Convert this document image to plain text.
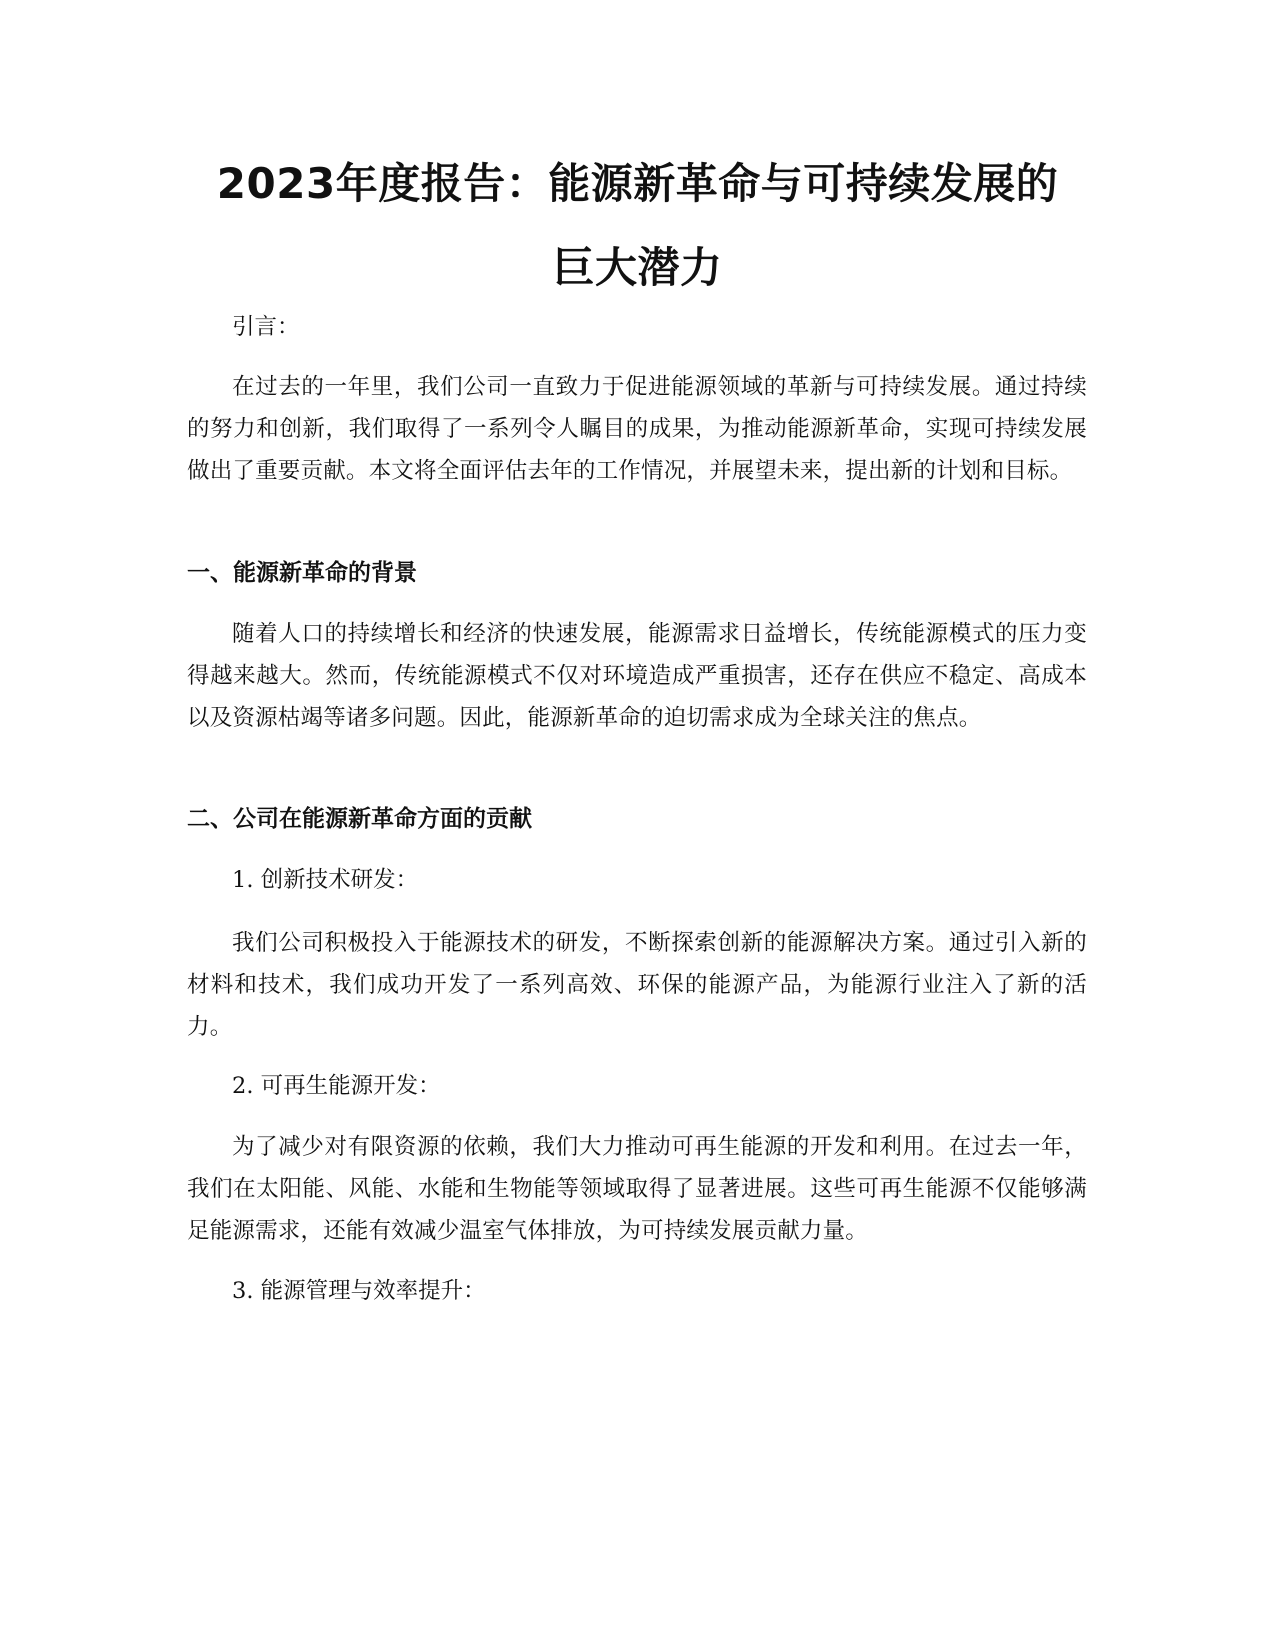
2023年度报告：能源新革命与可持续发展的
巨大潜力

引言：

在过去的一年里，我们公司一直致力于促进能源领域的革新与可持续发展。通过持续的努力和创新，我们取得了一系列令人瞩目的成果，为推动能源新革命，实现可持续发展做出了重要贡献。本文将全面评估去年的工作情况，并展望未来，提出新的计划和目标。

一、能源新革命的背景

随着人口的持续增长和经济的快速发展，能源需求日益增长，传统能源模式的压力变得越来越大。然而，传统能源模式不仅对环境造成严重损害，还存在供应不稳定、高成本以及资源枯竭等诸多问题。因此，能源新革命的迫切需求成为全球关注的焦点。

二、公司在能源新革命方面的贡献

1. 创新技术研发：

我们公司积极投入于能源技术的研发，不断探索创新的能源解决方案。通过引入新的材料和技术，我们成功开发了一系列高效、环保的能源产品，为能源行业注入了新的活力。

2. 可再生能源开发：

为了减少对有限资源的依赖，我们大力推动可再生能源的开发和利用。在过去一年，我们在太阳能、风能、水能和生物能等领域取得了显著进展。这些可再生能源不仅能够满足能源需求，还能有效减少温室气体排放，为可持续发展贡献力量。

3. 能源管理与效率提升：
